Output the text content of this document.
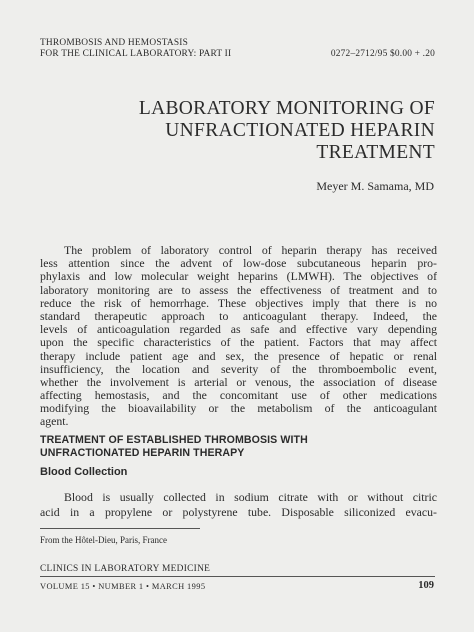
THROMBOSIS AND HEMOSTASIS
FOR THE CLINICAL LABORATORY: PART II	0272–2712/95 $0.00 + .20
LABORATORY MONITORING OF
UNFRACTIONATED HEPARIN
TREATMENT
Meyer M. Samama, MD
The problem of laboratory control of heparin therapy has received
less attention since the advent of low-dose subcutaneous heparin pro-
phylaxis and low molecular weight heparins (LMWH). The objectives of
laboratory monitoring are to assess the effectiveness of treatment and to
reduce the risk of hemorrhage. These objectives imply that there is no
standard therapeutic approach to anticoagulant therapy. Indeed, the
levels of anticoagulation regarded as safe and effective vary depending
upon the specific characteristics of the patient. Factors that may affect
therapy include patient age and sex, the presence of hepatic or renal
insufficiency, the location and severity of the thromboembolic event,
whether the involvement is arterial or venous, the association of disease
affecting hemostasis, and the concomitant use of other medications
modifying the bioavailability or the metabolism of the anticoagulant
agent.
TREATMENT OF ESTABLISHED THROMBOSIS WITH
UNFRACTIONATED HEPARIN THERAPY
Blood Collection
Blood is usually collected in sodium citrate with or without citric
acid in a propylene or polystyrene tube. Disposable siliconized evacu-
From the Hôtel-Dieu, Paris, France
CLINICS IN LABORATORY MEDICINE
VOLUME 15 • NUMBER 1 • MARCH 1995	109
